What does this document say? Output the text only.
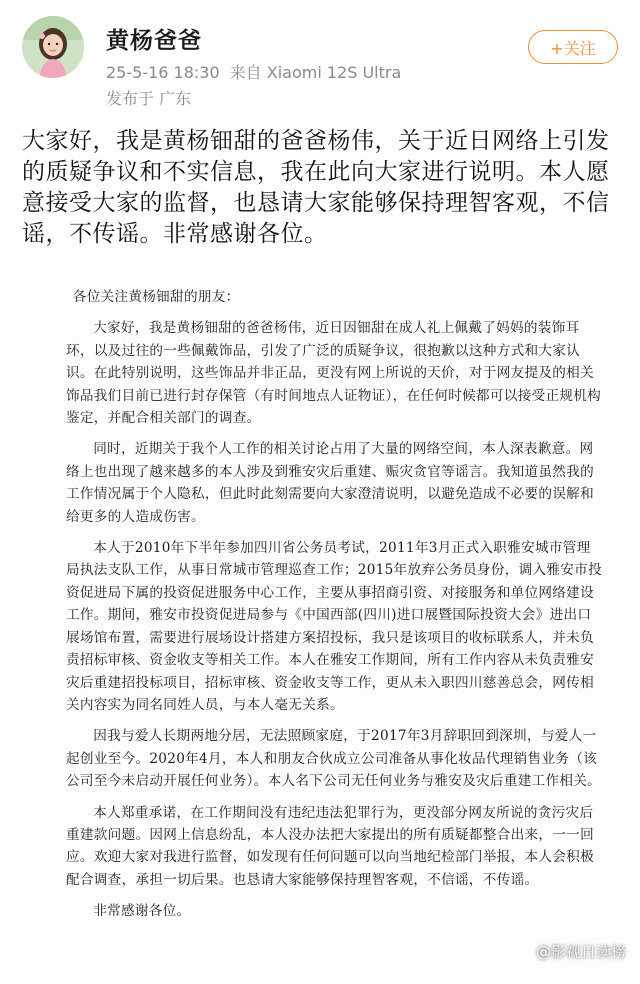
黄杨爸爸
25-5-16 18:30 来自 Xiaomi 12S Ultra
发布于 广东
+关注
大家好，我是黄杨钿甜的爸爸杨伟，关于近日网络上引发的质疑争议和不实信息，我在此向大家进行说明。本人愿意接受大家的监督，也恳请大家能够保持理智客观，不信谣，不传谣。非常感谢各位。

各位关注黄杨钿甜的朋友：

大家好，我是黄杨钿甜的爸爸杨伟，近日因钿甜在成人礼上佩戴了妈妈的装饰耳环，以及过往的一些佩戴饰品，引发了广泛的质疑争议，很抱歉以这种方式和大家认识。在此特别说明，这些饰品并非正品，更没有网上所说的天价，对于网友提及的相关饰品我们目前已进行封存保管（有时间地点人证物证），在任何时候都可以接受正规机构鉴定，并配合相关部门的调查。

同时，近期关于我个人工作的相关讨论占用了大量的网络空间，本人深表歉意。网络上也出现了越来越多的本人涉及到雅安灾后重建、赈灾贪官等谣言。我知道虽然我的工作情况属于个人隐私，但此时此刻需要向大家澄清说明，以避免造成不必要的误解和给更多的人造成伤害。

本人于2010年下半年参加四川省公务员考试，2011年3月正式入职雅安城市管理局执法支队工作，从事日常城市管理巡查工作；2015年放弃公务员身份，调入雅安市投资促进局下属的投资促进服务中心工作，主要从事招商引资、对接服务和单位网络建设工作。期间，雅安市投资促进局参与《中国西部(四川)进口展暨国际投资大会》进出口展场馆布置，需要进行展场设计搭建方案招投标，我只是该项目的收标联系人，并未负责招标审核、资金收支等相关工作。本人在雅安工作期间，所有工作内容从未负责雅安灾后重建招投标项目，招标审核、资金收支等工作，更从未入职四川慈善总会，网传相关内容实为同名同姓人员，与本人毫无关系。

因我与爱人长期两地分居，无法照顾家庭，于2017年3月辞职回到深圳，与爱人一起创业至今。2020年4月，本人和朋友合伙成立公司准备从事化妆品代理销售业务（该公司至今未启动开展任何业务）。本人名下公司无任何业务与雅安及灾后重建工作相关。

本人郑重承诺，在工作期间没有违纪违法犯罪行为，更没部分网友所说的贪污灾后重建款问题。因网上信息纷乱，本人没办法把大家提出的所有质疑都整合出来，一一回应。欢迎大家对我进行监督，如发现有任何问题可以向当地纪检部门举报，本人会积极配合调查，承担一切后果。也恳请大家能够保持理智客观，不信谣，不传谣。

非常感谢各位。

@影视日读榜
